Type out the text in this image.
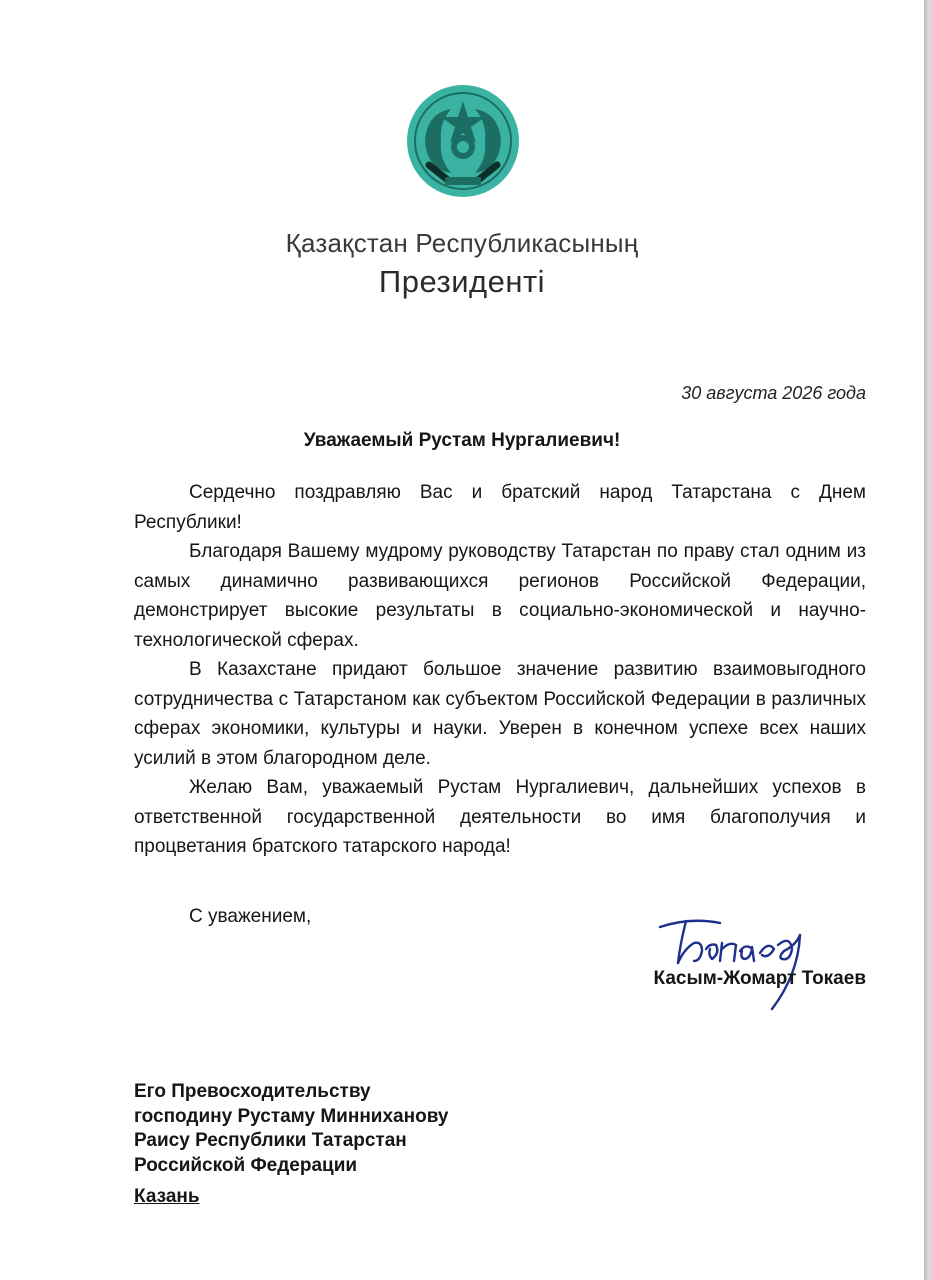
Қазақстан Республикасының
Президенті
30 августа 2026 года
Уважаемый Рустам Нургалиевич!

Сердечно поздравляю Вас и братский народ Татарстана с Днем Республики!

Благодаря Вашему мудрому руководству Татарстан по праву стал одним из самых динамично развивающихся регионов Российской Федерации, демонстрирует высокие результаты в социально-экономической и научно-технологической сферах.

В Казахстане придают большое значение развитию взаимовыгодного сотрудничества с Татарстаном как субъектом Российской Федерации в различных сферах экономики, культуры и науки. Уверен в конечном успехе всех наших усилий в этом благородном деле.

Желаю Вам, уважаемый Рустам Нургалиевич, дальнейших успехов в ответственной государственной деятельности во имя благополучия и процветания братского татарского народа!

С уважением,
Касым-Жомарт Токаев
Его Превосходительству
господину Рустаму Минниханову
Раису Республики Татарстан
Российской Федерации
Казань
